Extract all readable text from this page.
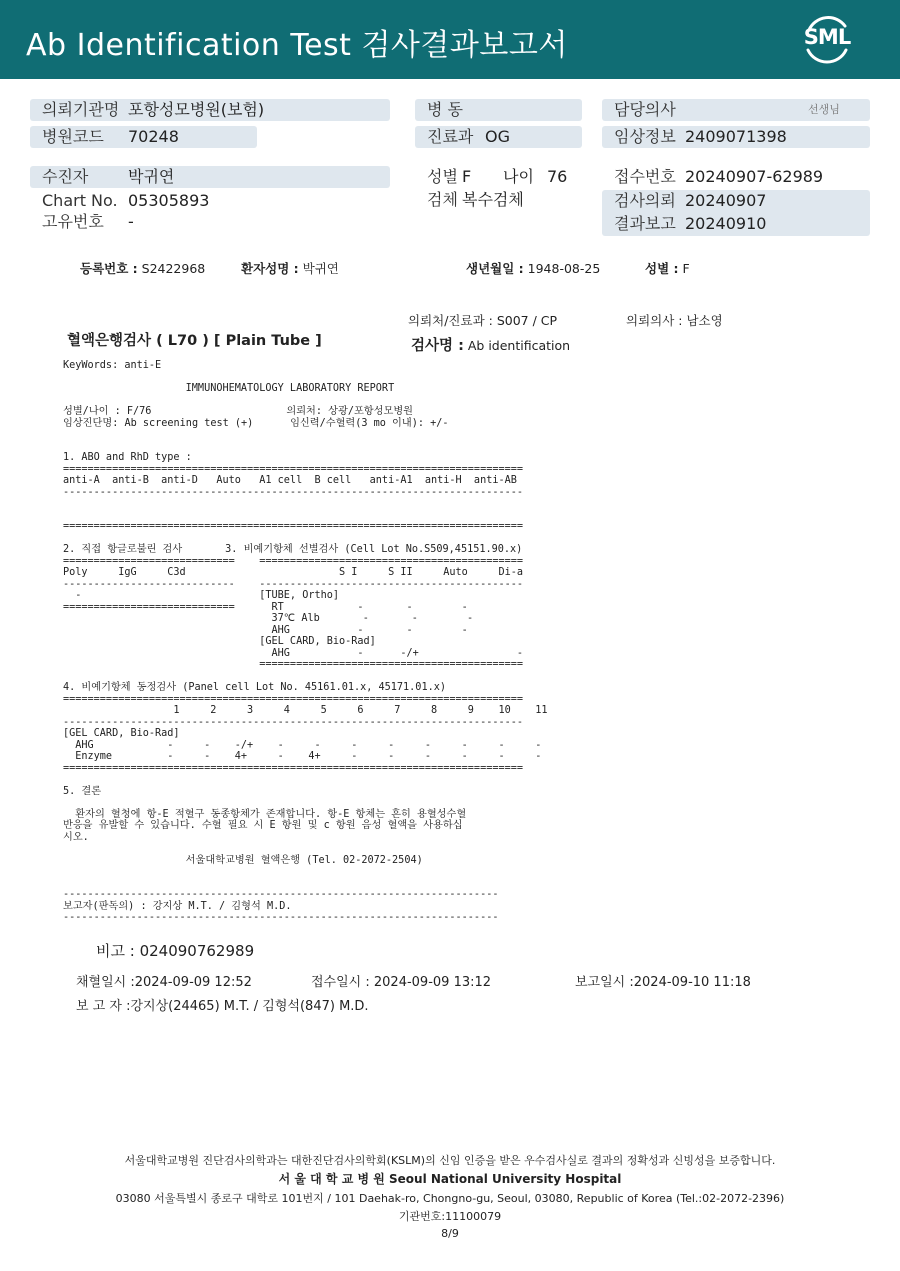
Ab Identification Test 검사결과보고서	SML
의뢰기관명 포항성모병원(보험)
병원코드 70248
병 동
진료과 OG
담당의사	선생님
임상정보 2409071398
수진자 박귀연
Chart No. 05305893
고유번호 -
성별 F 나이 76
검체 복수검체
접수번호 20240907-62989
검사의뢰 20240907
결과보고 20240910
등록번호 : S2422968	환자성명 : 박귀연	생년월일 : 1948-08-25	성별 : F
의뢰처/진료과 : S007 / CP	의뢰의사 : 남소영
혈액은행검사 ( L70 ) [ Plain Tube ]	검사명 : Ab identification
KeyWords: anti-E

IMMUNOHEMATOLOGY LABORATORY REPORT

성별/나이 : F/76                      의뢰처: 상광/포항성모병원
임상진단명: Ab screening test (+)      임신력/수혈력(3 mo 이내): +/-

1. ABO and RhD type :
===========================================================================
anti-A  anti-B  anti-D   Auto   A1 cell  B cell   anti-A1  anti-H  anti-AB
---------------------------------------------------------------------------

===========================================================================

2. 직접 항글로불린 검사       3. 비예기항체 선별검사 (Cell Lot No.S509,45151.90.x)
============================    ===========================================
Poly     IgG     C3d                         S I     S II     Auto     Di-a
----------------------------    -------------------------------------------
-                             [TUBE, Ortho]
============================      RT            -       -        -
37℃ Alb       -       -        -
AHG           -       -        -
[GEL CARD, Bio-Rad]
AHG           -      -/+                -
===========================================

4. 비예기항체 동정검사 (Panel cell Lot No. 45161.01.x, 45171.01.x)
===========================================================================
1     2     3     4     5     6     7     8     9    10    11
---------------------------------------------------------------------------
[GEL CARD, Bio-Rad]
AHG            -     -    -/+    -     -     -     -     -     -     -     -
Enzyme         -     -    4+     -    4+     -     -     -     -     -     -
===========================================================================

5. 결론

환자의 혈청에 항-E 적혈구 동종항체가 존재합니다. 항-E 항체는 흔히 용혈성수혈
반응을 유발할 수 있습니다. 수혈 필요 시 E 항원 및 c 항원 음성 혈액을 사용하십
시오.

서울대학교병원 혈액은행 (Tel. 02-2072-2504)

-----------------------------------------------------------------------
보고자(판독의) : 강지상 M.T. / 김형석 M.D.
-----------------------------------------------------------------------
비고 : 024090762989
채혈일시 :2024-09-09 12:52	접수일시 : 2024-09-09 13:12	보고일시 :2024-09-10 11:18
보 고 자 :강지상(24465) M.T. / 김형석(847) M.D.
서울대학교병원 진단검사의학과는 대한진단검사의학회(KSLM)의 신임 인증을 받은 우수검사실로 결과의 정확성과 신빙성을 보증합니다.
서 울 대 학 교 병 원 Seoul National University Hospital
03080 서울특별시 종로구 대학로 101번지 / 101 Daehak-ro, Chongno-gu, Seoul, 03080, Republic of Korea (Tel.:02-2072-2396)
기관번호:11100079
8/9
